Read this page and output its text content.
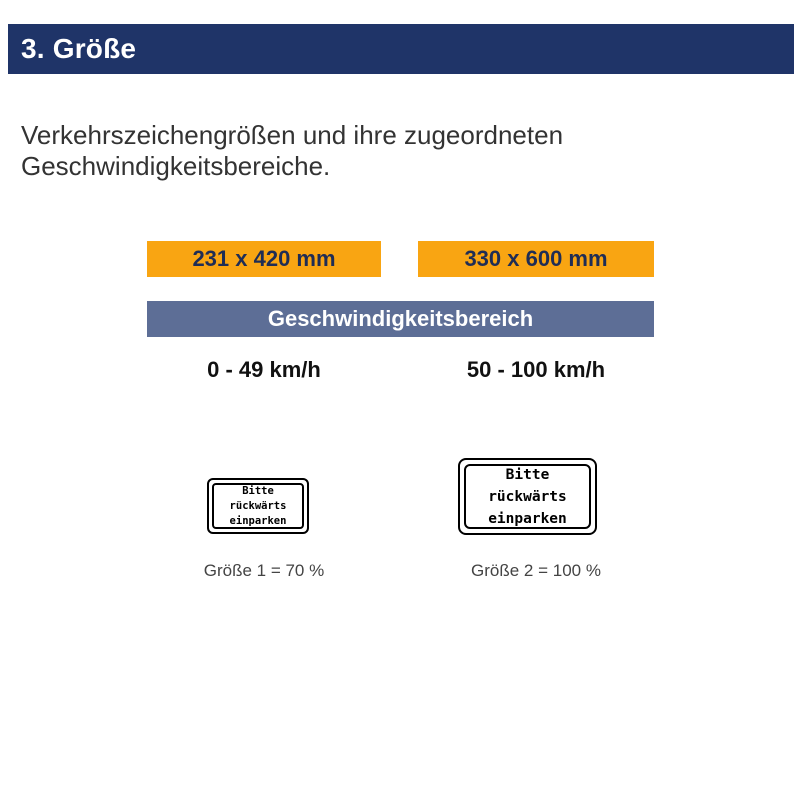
3. Größe
Verkehrszeichengrößen und ihre zugeordneten
Geschwindigkeitsbereiche.
231 x 420 mm	330 x 600 mm
Geschwindigkeitsbereich
0 - 49 km/h	50 - 100 km/h
Bitte rückwärts
einparken
Bitte rückwärts
einparken
Größe 1 = 70 %	Größe 2 = 100 %
